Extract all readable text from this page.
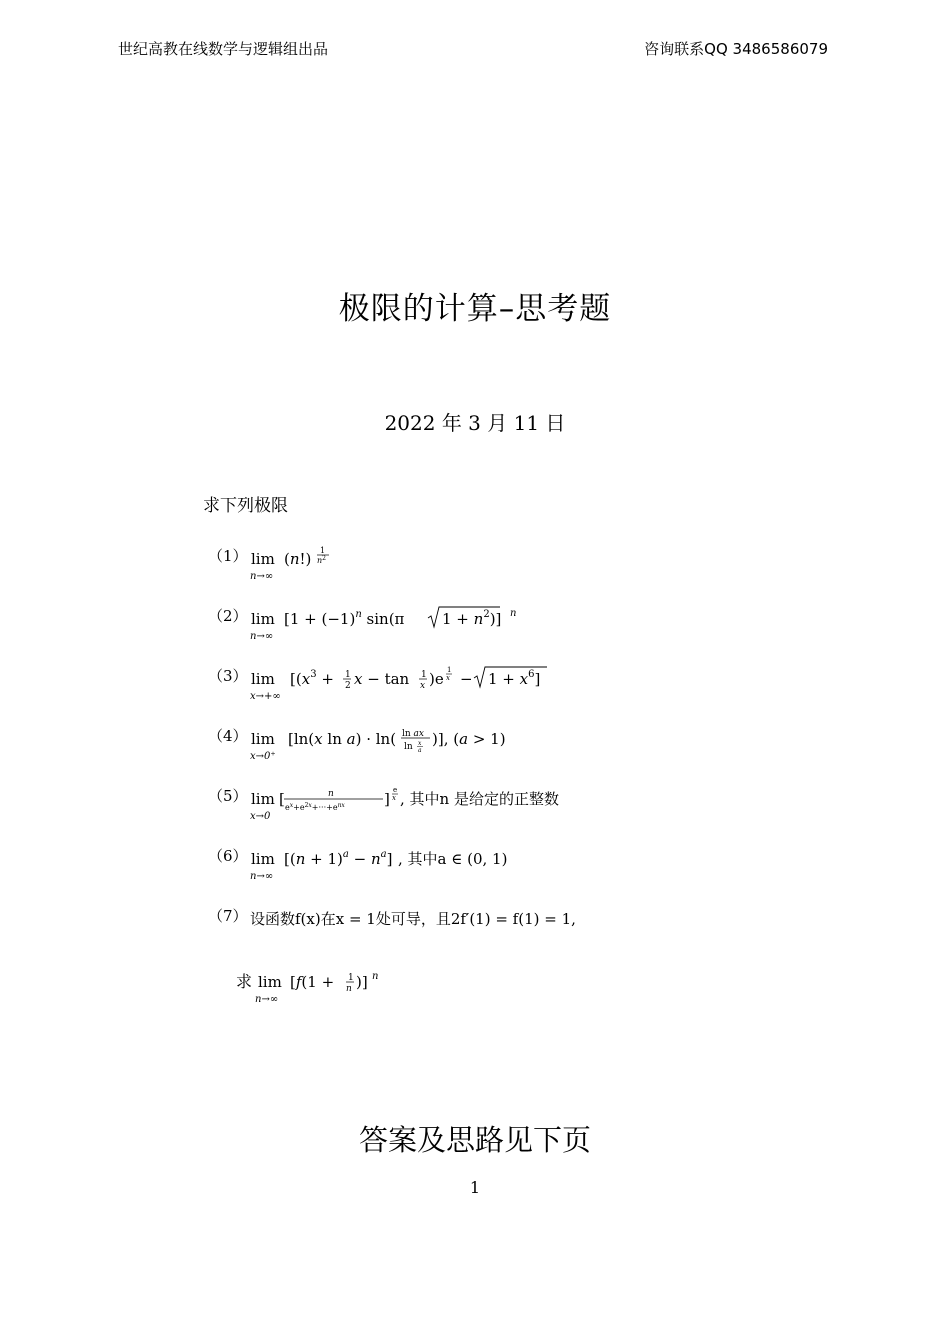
世纪高教在线数学与逻辑组出品	咨询联系QQ 3486586079
极限的计算–思考题
2022 年 3 月 11 日
求下列极限
（1） lim
n→∞
(n!) 1
$n^2$
（2） lim
n→∞
[$1 + (-1)^n$ sin(π	$1 + n^2$)] n
（3） lim
x→+∞
[($x^3 + 1$
2 x − tan 1
x )e 1
$x - 1 + x^6$]
（4） lim
x→0⁺
[ln(x ln a) · ln( ln ax
ln x
a
)], (a > 1)
（5） lim
x→0
[	n
$e^x+e^{2x}+\cdot\cdot\cdot+e^{nx}$	] e
x , 其中n 是给定的正整数
（6） lim
n→∞
$[(n + 1)^a - n^a]$ , 其中a ∈ (0, 1)
（7） 设函数f(x)在x = 1处可导，且2f′(1) = f(1) = 1,
求 lim
n→∞
[f(1 + 1
n )] n
答案及思路见下页
1
